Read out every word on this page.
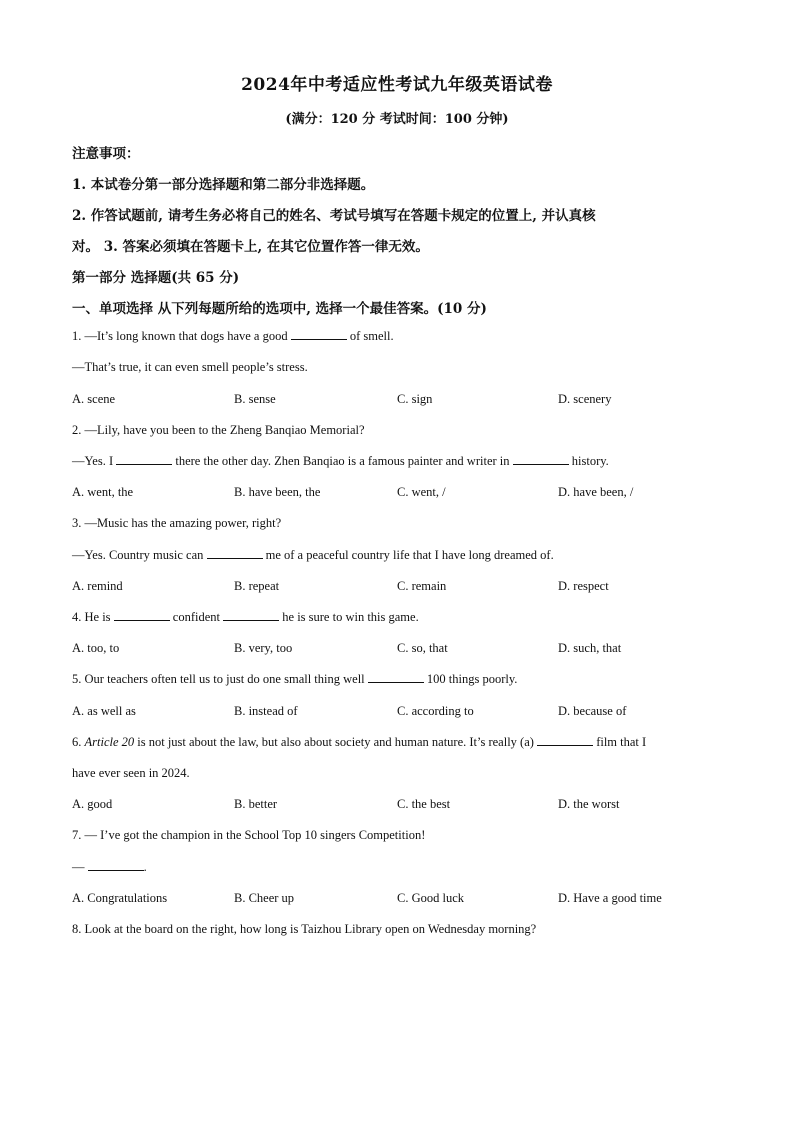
2024年中考适应性考试九年级英语试卷
(满分：120 分 考试时间：100 分钟)
注意事项：
1. 本试卷分第一部分选择题和第二部分非选择题。
2. 作答试题前, 请考生务必将自己的姓名、考试号填写在答题卡规定的位置上, 并认真核
对。 3. 答案必须填在答题卡上, 在其它位置作答一律无效。
第一部分 选择题(共 65 分)
一、单项选择 从下列每题所给的选项中, 选择一个最佳答案。(10 分)
1. —It’s long known that dogs have a good	of smell.
—That’s true, it can even smell people’s stress.
A. scene	B. sense	C. sign	D. scenery
2. —Lily, have you been to the Zheng Banqiao Memorial?
—Yes. I	there the other day. Zhen Banqiao is a famous painter and writer in	history.
A. went, the	B. have been, the	C. went, /	D. have been, /
3. —Music has the amazing power, right?
—Yes. Country music can	me of a peaceful country life that I have long dreamed of.
A. remind	B. repeat	C. remain	D. respect
4. He is	confident	he is sure to win this game.
A. too, to	B. very, too	C. so, that	D. such, that
5. Our teachers often tell us to just do one small thing well	100 things poorly.
A. as well as	B. instead of	C. according to	D. because of
6. Article 20 is not just about the law, but also about society and human nature. It’s really (a)	film that I
have ever seen in 2024.
A. good	B. better	C. the best	D. the worst
7. — I’ve got the champion in the School Top 10 singers Competition!
—	.
A. Congratulations	B. Cheer up	C. Good luck	D. Have a good time
8. Look at the board on the right, how long is Taizhou Library open on Wednesday morning?
